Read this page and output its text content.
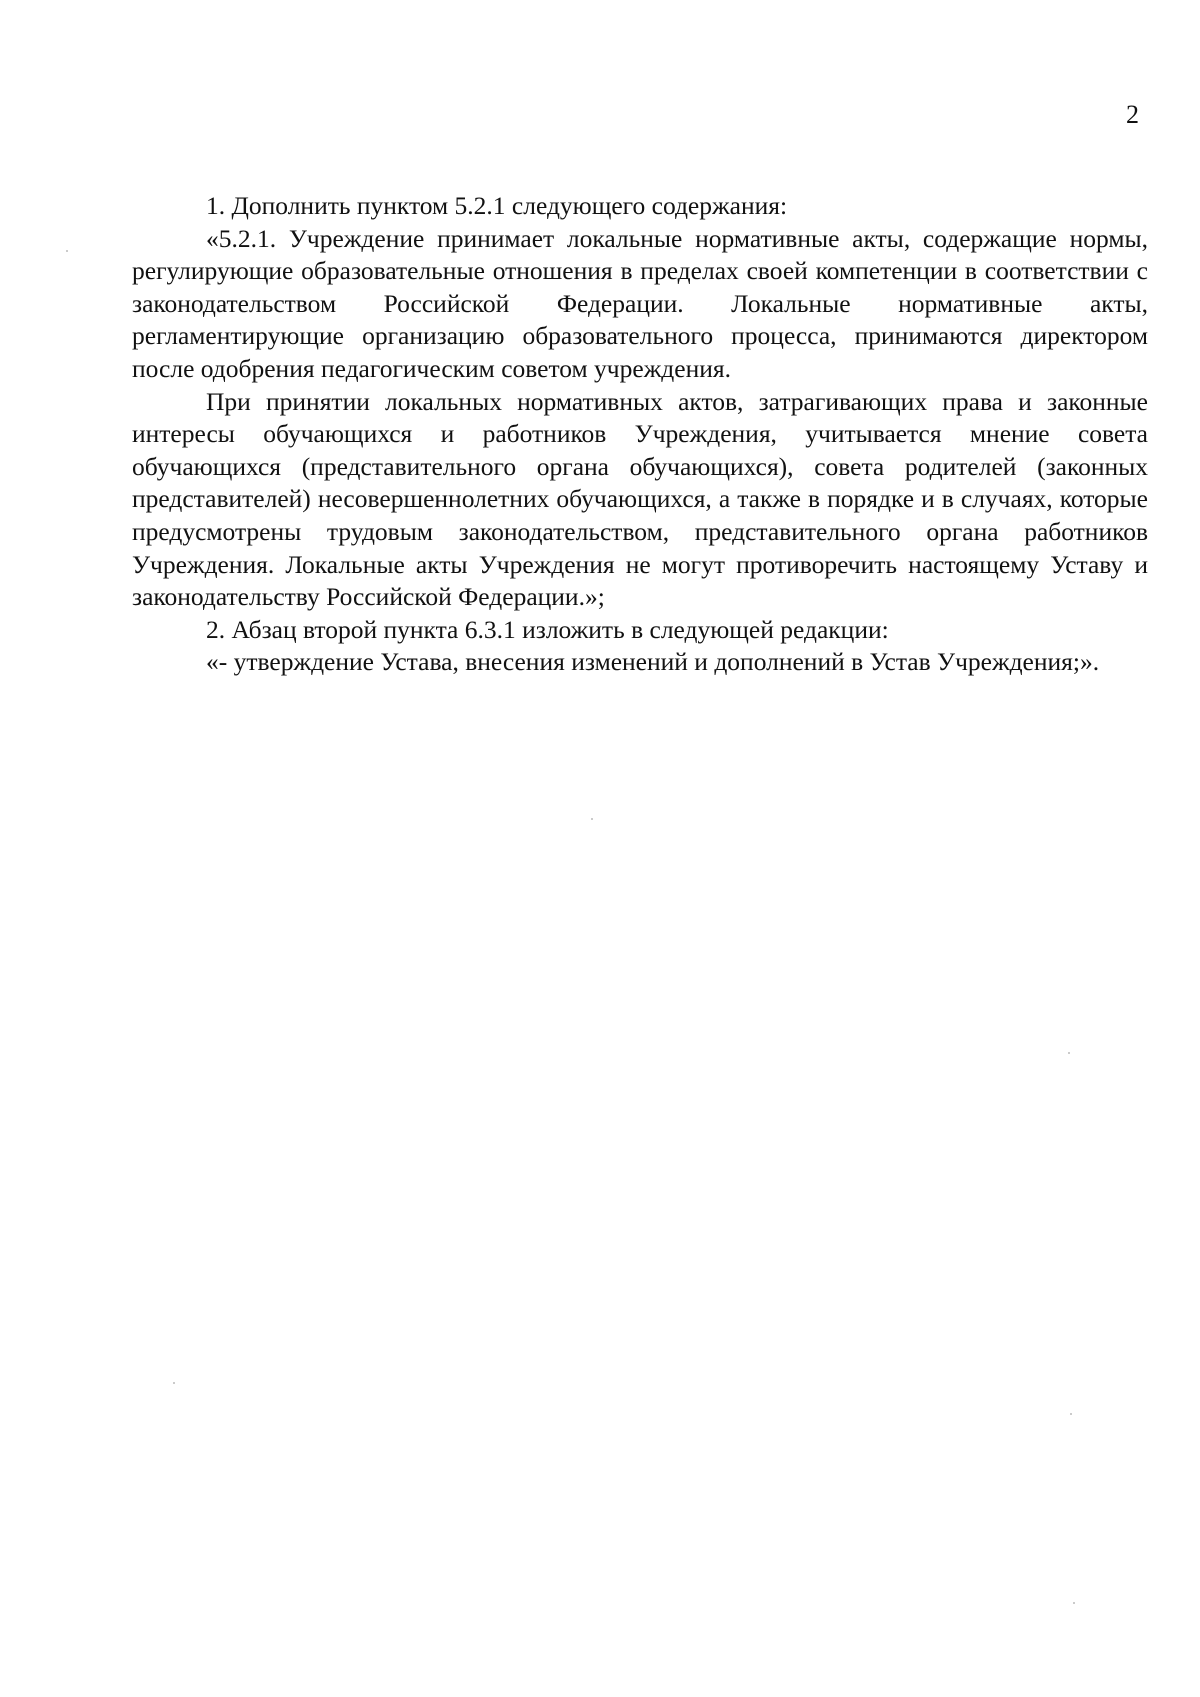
2

1. Дополнить пунктом 5.2.1 следующего содержания:

«5.2.1. Учреждение принимает локальные нормативные акты, содержащие нормы, регулирующие образовательные отношения в пределах своей компетенции в соответствии с законодательством Российской Федерации. Локальные нормативные акты, регламентирующие организацию образовательного процесса, принимаются директором после одобрения педагогическим советом учреждения.

При принятии локальных нормативных актов, затрагивающих права и законные интересы обучающихся и работников Учреждения, учитывается мнение совета обучающихся (представительного органа обучающихся), совета родителей (законных представителей) несовершеннолетних обучающихся, а также в порядке и в случаях, которые предусмотрены трудовым законодательством, представительного органа работников Учреждения. Локальные акты Учреждения не могут противоречить настоящему Уставу и законодательству Российской Федерации.»;

2. Абзац второй пункта 6.3.1 изложить в следующей редакции:

«- утверждение Устава, внесения изменений и дополнений в Устав Учреждения;».
